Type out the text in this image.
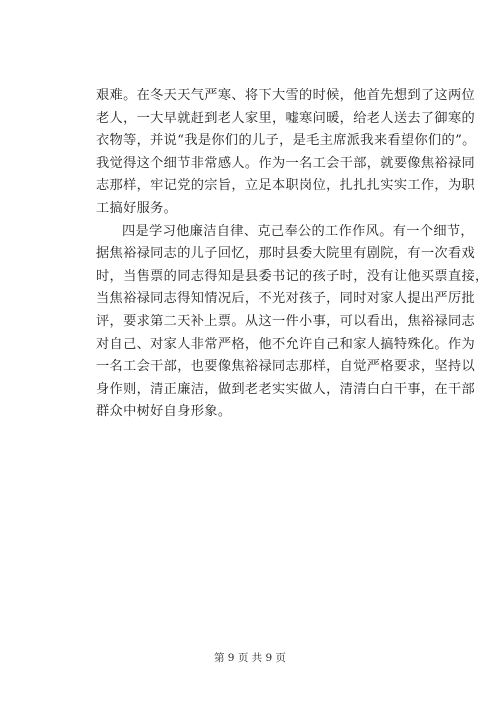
艰难。在冬天天气严寒、将下大雪的时候，他首先想到了这两位
老人，一大早就赶到老人家里，嘘寒问暖，给老人送去了御寒的
衣物等，并说“我是你们的儿子，是毛主席派我来看望你们的”。
我觉得这个细节非常感人。作为一名工会干部，就要像焦裕禄同
志那样，牢记党的宗旨，立足本职岗位，扎扎扎实实工作，为职
工搞好服务。
四是学习他廉洁自律、克己奉公的工作作风。有一个细节，
据焦裕禄同志的儿子回忆，那时县委大院里有剧院，有一次看戏
时，当售票的同志得知是县委书记的孩子时，没有让他买票直接，
当焦裕禄同志得知情况后，不光对孩子，同时对家人提出严厉批
评，要求第二天补上票。从这一件小事，可以看出，焦裕禄同志
对自己、对家人非常严格，他不允许自己和家人搞特殊化。作为
一名工会干部，也要像焦裕禄同志那样，自觉严格要求，坚持以
身作则，清正廉洁，做到老老实实做人，清清白白干事，在干部
群众中树好自身形象。
第 9 页 共 9 页
